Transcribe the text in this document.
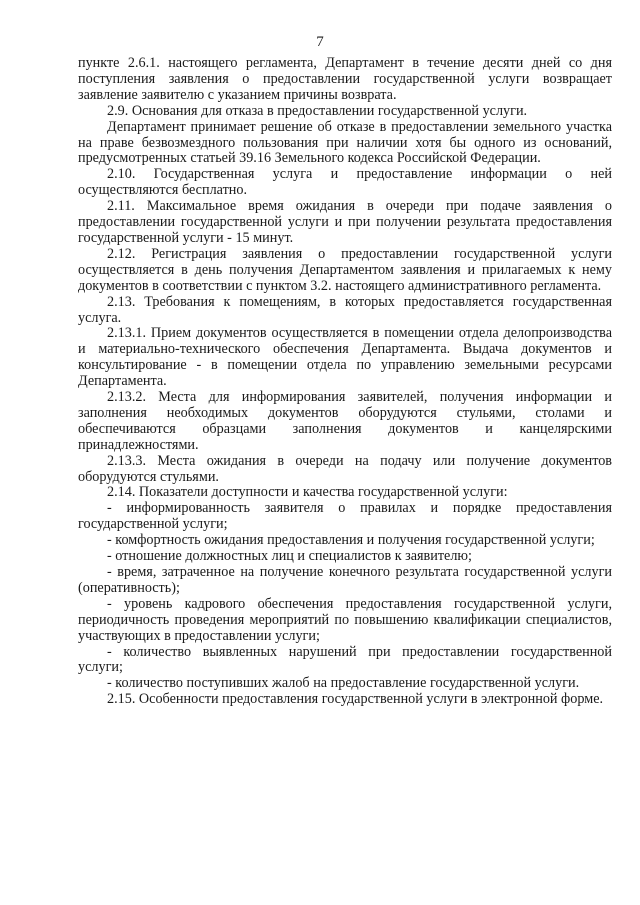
7

пункте 2.6.1. настоящего регламента, Департамент в течение десяти дней со дня поступления заявления о предоставлении государственной услуги возвращает заявление заявителю с указанием причины возврата.

2.9. Основания для отказа в предоставлении государственной услуги.

Департамент принимает решение об отказе в предоставлении земельного участка на праве безвозмездного пользования при наличии хотя бы одного из оснований, предусмотренных статьей 39.16 Земельного кодекса Российской Федерации.

2.10. Государственная услуга и предоставление информации о ней осуществляются бесплатно.

2.11. Максимальное время ожидания в очереди при подаче заявления о предоставлении государственной услуги и при получении результата предоставления государственной услуги - 15 минут.

2.12. Регистрация заявления о предоставлении государственной услуги осуществляется в день получения Департаментом заявления и прилагаемых к нему документов в соответствии с пунктом 3.2. настоящего административного регламента.

2.13. Требования к помещениям, в которых предоставляется государственная услуга.

2.13.1. Прием документов осуществляется в помещении отдела делопроизводства и материально-технического обеспечения Департамента. Выдача документов и консультирование - в помещении отдела по управлению земельными ресурсами Департамента.

2.13.2. Места для информирования заявителей, получения информации и заполнения необходимых документов оборудуются стульями, столами и обеспечиваются образцами заполнения документов и канцелярскими принадлежностями.

2.13.3. Места ожидания в очереди на подачу или получение документов оборудуются стульями.

2.14. Показатели доступности и качества государственной услуги:

- информированность заявителя о правилах и порядке предоставления государственной услуги;

- комфортность ожидания предоставления и получения государственной услуги;

- отношение должностных лиц и специалистов к заявителю;

- время, затраченное на получение конечного результата государственной услуги (оперативность);

- уровень кадрового обеспечения предоставления государственной услуги, периодичность проведения мероприятий по повышению квалификации специалистов, участвующих в предоставлении услуги;

- количество выявленных нарушений при предоставлении государственной услуги;

- количество поступивших жалоб на предоставление государственной услуги.

2.15. Особенности предоставления государственной услуги в электронной форме.
